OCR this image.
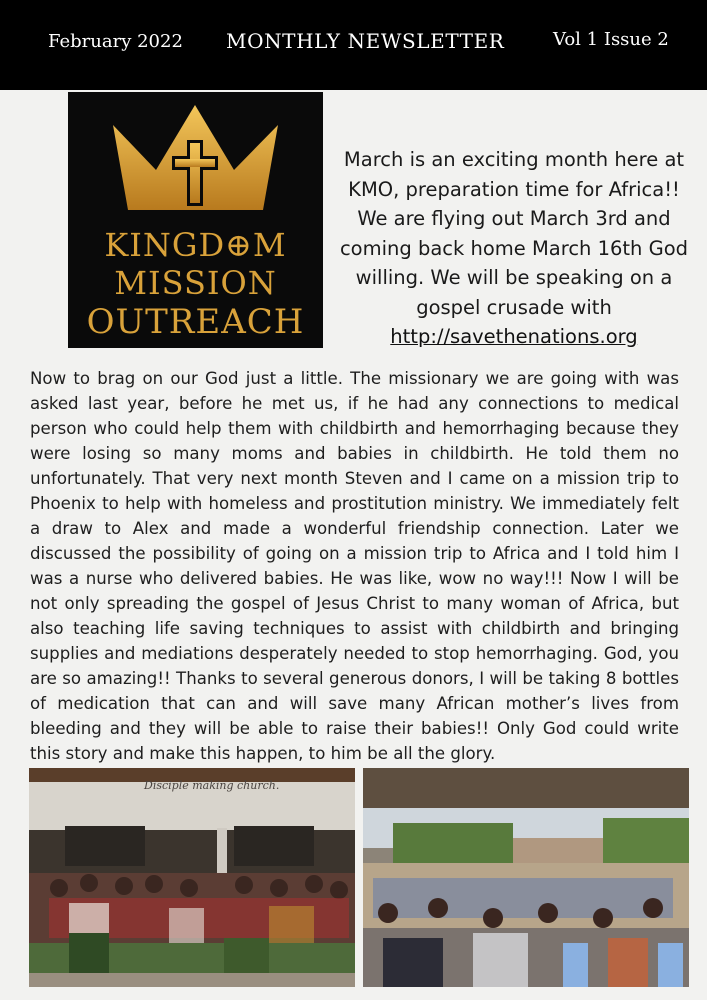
February 2022 MONTHLY NEWSLETTER	Vol 1 Issue 2
KINGD⊕M
MISSION
OUTREACH
March is an exciting month here at KMO, preparation time for Africa!! We are flying out March 3rd and coming back home March 16th God willing. We will be speaking on a gospel crusade with
http://savethenations.org

Now to brag on our God just a little. The missionary we are going with was asked last year, before he met us, if he had any connections to medical person who could help them with childbirth and hemorrhaging because they were losing so many moms and babies in childbirth. He told them no unfortunately. That very next month Steven and I came on a mission trip to Phoenix to help with homeless and prostitution ministry. We immediately felt a draw to Alex and made a wonderful friendship connection. Later we discussed the possibility of going on a mission trip to Africa and I told him I was a nurse who delivered babies. He was like, wow no way!!! Now I will be not only spreading the gospel of Jesus Christ to many woman of Africa, but also teaching life saving techniques to assist with childbirth and bringing supplies and mediations desperately needed to stop hemorrhaging. God, you are so amazing!! Thanks to several generous donors, I will be taking 8 bottles of medication that can and will save many African mother’s lives from bleeding and they will be able to raise their babies!! Only God could write this story and make this happen, to him be all the glory.

Disciple making church.
